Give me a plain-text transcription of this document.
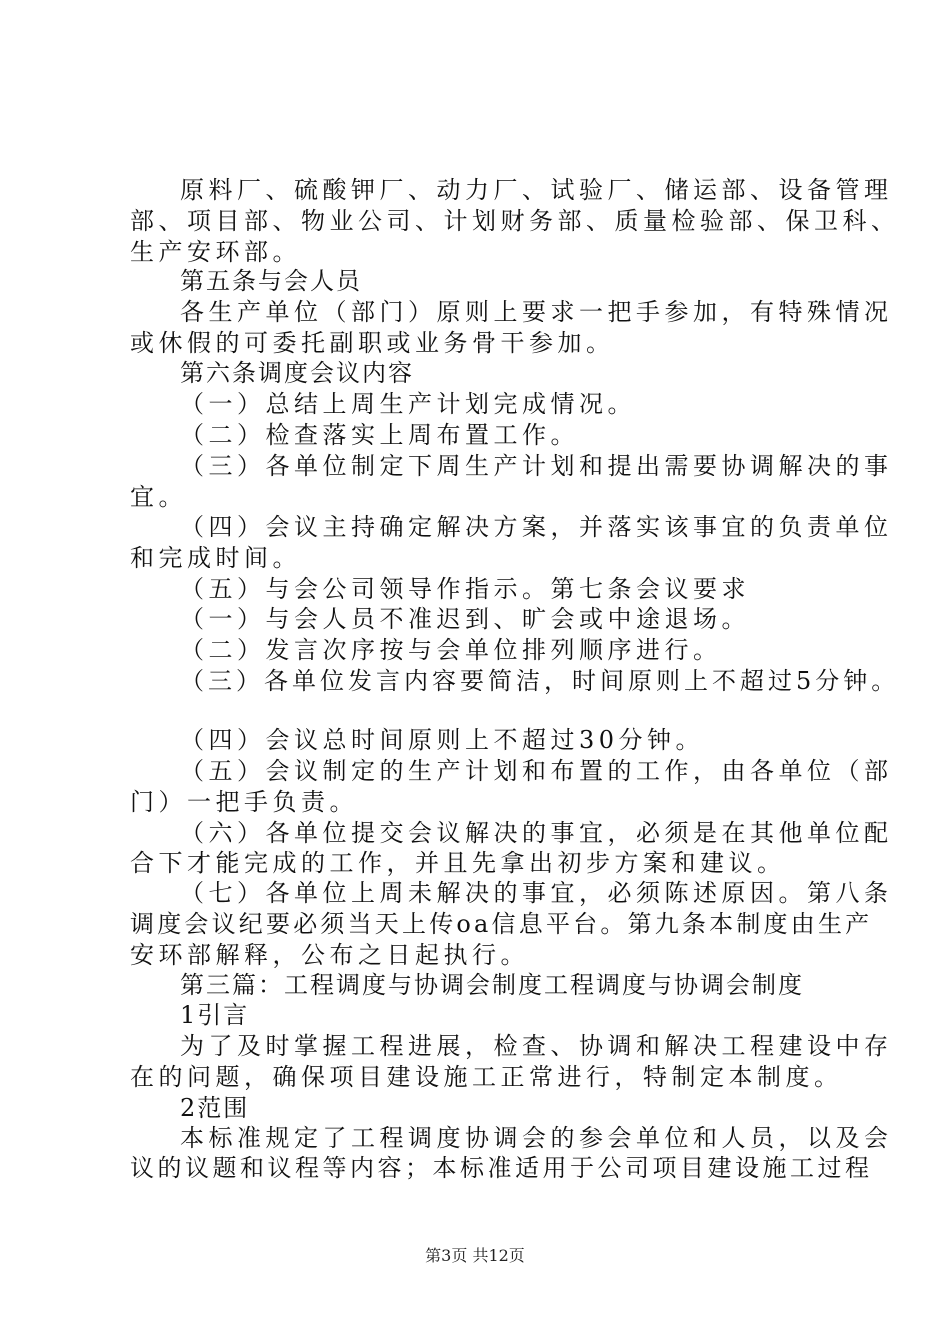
原料厂、硫酸钾厂、动力厂、试验厂、储运部、设备管理
部、项目部、物业公司、计划财务部、质量检验部、保卫科、
生产安环部。
第五条与会人员
各生产单位（部门）原则上要求一把手参加，有特殊情况
或休假的可委托副职或业务骨干参加。
第六条调度会议内容
（一）总结上周生产计划完成情况。
（二）检查落实上周布置工作。
（三）各单位制定下周生产计划和提出需要协调解决的事
宜。
（四）会议主持确定解决方案，并落实该事宜的负责单位
和完成时间。
（五）与会公司领导作指示。第七条会议要求
（一）与会人员不准迟到、旷会或中途退场。
（二）发言次序按与会单位排列顺序进行。
（三）各单位发言内容要简洁，时间原则上不超过5分钟。
（四）会议总时间原则上不超过30分钟。
（五）会议制定的生产计划和布置的工作，由各单位（部
门）一把手负责。
（六）各单位提交会议解决的事宜，必须是在其他单位配
合下才能完成的工作，并且先拿出初步方案和建议。
（七）各单位上周未解决的事宜，必须陈述原因。第八条
调度会议纪要必须当天上传oa信息平台。第九条本制度由生产
安环部解释，公布之日起执行。
第三篇：工程调度与协调会制度工程调度与协调会制度
1引言
为了及时掌握工程进展，检查、协调和解决工程建设中存
在的问题，确保项目建设施工正常进行，特制定本制度。
2范围
本标准规定了工程调度协调会的参会单位和人员，以及会
议的议题和议程等内容；本标准适用于公司项目建设施工过程
第3页 共12页
